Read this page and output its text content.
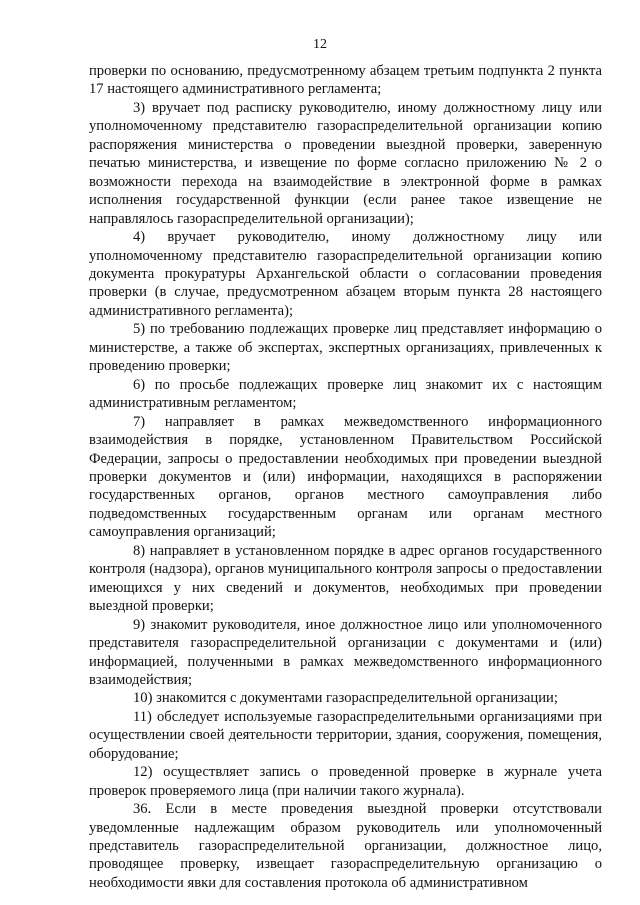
12

проверки по основанию, предусмотренному абзацем третьим подпункта 2 пункта 17 настоящего административного регламента;

3) вручает под расписку руководителю, иному должностному лицу или уполномоченному представителю газораспределительной организации копию распоряжения министерства о проведении выездной проверки, заверенную печатью министерства, и извещение по форме согласно приложению № 2 о возможности перехода на взаимодействие в электронной форме в рамках исполнения государственной функции (если ранее такое извещение не направлялось газораспределительной организации);

4) вручает руководителю, иному должностному лицу или уполномоченному представителю газораспределительной организации копию документа прокуратуры Архангельской области о согласовании проведения проверки (в случае, предусмотренном абзацем вторым пункта 28 настоящего административного регламента);

5) по требованию подлежащих проверке лиц представляет информацию о министерстве, а также об экспертах, экспертных организациях, привлеченных к проведению проверки;

6) по просьбе подлежащих проверке лиц знакомит их с настоящим административным регламентом;

7) направляет в рамках межведомственного информационного взаимодействия в порядке, установленном Правительством Российской Федерации, запросы о предоставлении необходимых при проведении выездной проверки документов и (или) информации, находящихся в распоряжении государственных органов, органов местного самоуправления либо подведомственных государственным органам или органам местного самоуправления организаций;

8) направляет в установленном порядке в адрес органов государственного контроля (надзора), органов муниципального контроля запросы о предоставлении имеющихся у них сведений и документов, необходимых при проведении выездной проверки;

9) знакомит руководителя, иное должностное лицо или уполномоченного представителя газораспределительной организации с документами и (или) информацией, полученными в рамках межведомственного информационного взаимодействия;

10) знакомится с документами газораспределительной организации;

11) обследует используемые газораспределительными организациями при осуществлении своей деятельности территории, здания, сооружения, помещения, оборудование;

12) осуществляет запись о проведенной проверке в журнале учета проверок проверяемого лица (при наличии такого журнала).

36. Если в месте проведения выездной проверки отсутствовали уведомленные надлежащим образом руководитель или уполномоченный представитель газораспределительной организации, должностное лицо, проводящее проверку, извещает газораспределительную организацию о необходимости явки для составления протокола об административном
